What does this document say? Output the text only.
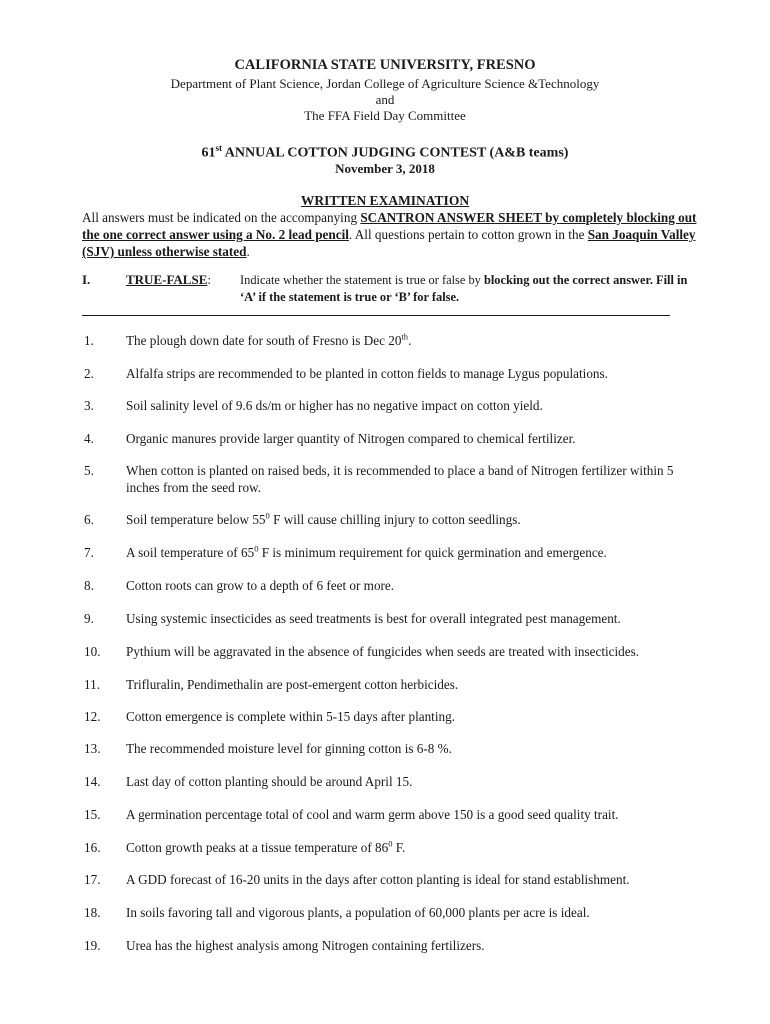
CALIFORNIA STATE UNIVERSITY, FRESNO
Department of Plant Science, Jordan College of Agriculture Science &Technology
and
The FFA Field Day Committee
61st ANNUAL COTTON JUDGING CONTEST (A&B teams)
November 3, 2018
WRITTEN EXAMINATION
All answers must be indicated on the accompanying SCANTRON ANSWER SHEET by completely blocking out the one correct answer using a No. 2 lead pencil. All questions pertain to cotton grown in the San Joaquin Valley (SJV) unless otherwise stated.
I.	TRUE-FALSE: Indicate whether the statement is true or false by blocking out the correct answer. Fill in ‘A’ if the statement is true or ‘B’ for false.
1.	The plough down date for south of Fresno is Dec 20th.
2.	Alfalfa strips are recommended to be planted in cotton fields to manage Lygus populations.
3.	Soil salinity level of 9.6 ds/m or higher has no negative impact on cotton yield.
4.	Organic manures provide larger quantity of Nitrogen compared to chemical fertilizer.
5.	When cotton is planted on raised beds, it is recommended to place a band of Nitrogen fertilizer within 5 inches from the seed row.
6.	Soil temperature below $55^0$ F will cause chilling injury to cotton seedlings.
7.	A soil temperature of $65^0$ F is minimum requirement for quick germination and emergence.
8.	Cotton roots can grow to a depth of 6 feet or more.
9.	Using systemic insecticides as seed treatments is best for overall integrated pest management.
10.	Pythium will be aggravated in the absence of fungicides when seeds are treated with insecticides.
11.	Trifluralin, Pendimethalin are post-emergent cotton herbicides.
12.	Cotton emergence is complete within 5-15 days after planting.
13.	The recommended moisture level for ginning cotton is 6-8 %.
14.	Last day of cotton planting should be around April 15.
15.	A germination percentage total of cool and warm germ above 150 is a good seed quality trait.
16.	Cotton growth peaks at a tissue temperature of $86^0$ F.
17.	A GDD forecast of 16-20 units in the days after cotton planting is ideal for stand establishment.
18.	In soils favoring tall and vigorous plants, a population of 60,000 plants per acre is ideal.
19.	Urea has the highest analysis among Nitrogen containing fertilizers.
